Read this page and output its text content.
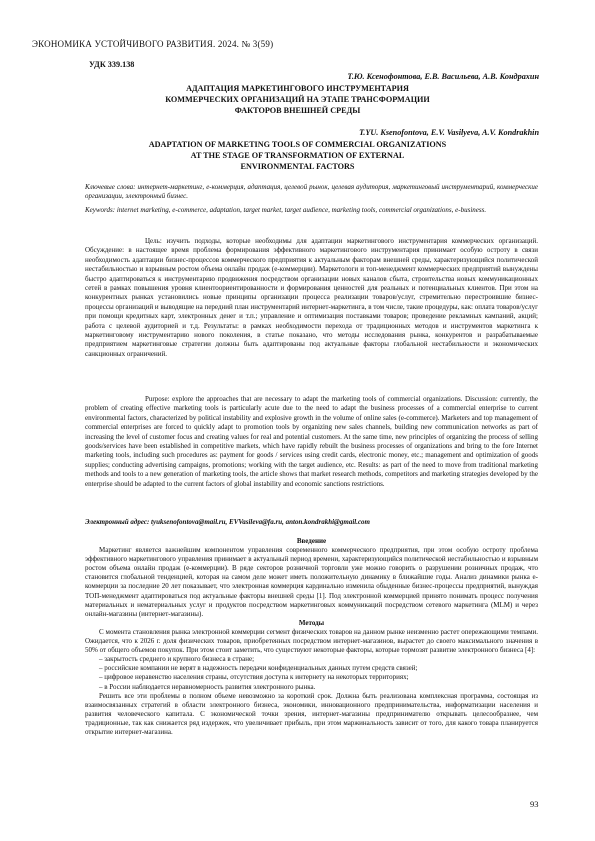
ЭКОНОМИКА УСТОЙЧИВОГО РАЗВИТИЯ. 2024. № 3(59)
УДК 339.138
Т.Ю. Ксенофонтова, Е.В. Васильева, А.В. Кондрахин
АДАПТАЦИЯ МАРКЕТИНГОВОГО ИНСТРУМЕНТАРИЯ
КОММЕРЧЕСКИХ ОРГАНИЗАЦИЙ НА ЭТАПЕ ТРАНСФОРМАЦИИ
ФАКТОРОВ ВНЕШНЕЙ СРЕДЫ
T.YU. Ksenofontova, E.V. Vasilyeva, A.V. Kondrakhin
ADAPTATION OF MARKETING TOOLS OF COMMERCIAL ORGANIZATIONS
AT THE STAGE OF TRANSFORMATION OF EXTERNAL
ENVIRONMENTAL FACTORS
Ключевые слова: интернет-маркетинг, е-коммерция, адаптация, целевой рынок, целевая аудитория, маркетинговый инструментарий, коммерческие организации, электронный бизнес.
Keywords: internet marketing, e-commerce, adaptation, target market, target audience, marketing tools, commercial organizations, e-business.

Цель: изучить подходы, которые необходимы для адаптации маркетингового инструментария коммерческих организаций. Обсуждение: в настоящее время проблема формирования эффективного маркетингового инструментария принимает особую остроту в связи необходимость адаптации бизнес-процессов коммерческого предприятия к актуальным факторам внешней среды, характеризующийся политической нестабильностью и взрывным ростом объема онлайн продаж (е-коммерции). Маркетологи и топ-менеджмент коммерческих предприятий вынуждены быстро адаптироваться к инструментарию продвижения посредством организации новых каналов сбыта, строительства новых коммуникационных сетей в рамках повышения уровня клиентоориентированности и формирования ценностей для реальных и потенциальных клиентов. При этом на конкурентных рынках установились новые принципы организации процесса реализации товаров/услуг, стремительно перестроившие бизнес-процессы организаций и выводящие на передний план инструментарий интернет-маркетинга, в том числе, такие процедуры, как: оплата товаров/услуг при помощи кредитных карт, электронных денег и т.п.; управление и оптимизация поставками товаров; проведение рекламных кампаний, акций; работа с целевой аудиторией и т.д. Результаты: в рамках необходимости перехода от традиционных методов и инструментов маркетинга к маркетинговому инструментарию нового поколения, в статье показано, что методы исследования рынка, конкурентов и разрабатываемые предприятием маркетинговые стратегии должны быть адаптированы под актуальные факторы глобальной нестабильности и экономических санкционных ограничений.

Purpose: explore the approaches that are necessary to adapt the marketing tools of commercial organizations. Discussion: currently, the problem of creating effective marketing tools is particularly acute due to the need to adapt the business processes of a commercial enterprise to current environmental factors, characterized by political instability and explosive growth in the volume of online sales (e-commerce). Marketers and top management of commercial enterprises are forced to quickly adapt to promotion tools by organizing new sales channels, building new communication networks as part of increasing the level of customer focus and creating values for real and potential customers. At the same time, new principles of organizing the process of selling goods/services have been established in competitive markets, which have rapidly rebuilt the business processes of organizations and bring to the fore Internet marketing tools, including such procedures as: payment for goods / services using credit cards, electronic money, etc.; management and optimization of goods supplies; conducting advertising campaigns, promotions; working with the target audience, etc. Results: as part of the need to move from traditional marketing methods and tools to a new generation of marketing tools, the article shows that market research methods, competitors and marketing strategies developed by the enterprise should be adapted to the current factors of global instability and economic sanctions restrictions.

Электронный адрес: tyuksenofontova@mail.ru, EVVasileva@fa.ru, anton.kondrakhi@gmail.com

Введение

Маркетинг является важнейшим компонентом управления современного коммерческого предприятия, при этом особую остроту проблема эффективного маркетингового управления принимает в актуальный период времени, характеризующийся политической нестабильностью и взрывным ростом объема онлайн продаж (е-коммерции). В ряде секторов розничной торговли уже можно говорить о разрушении розничных продаж, что становится глобальной тенденцией, которая на самом деле может иметь положительную динамику в ближайшие годы. Анализ динамики рынка е-коммерции за последние 20 лет показывает, что электронная коммерция кардинально изменила обыденные бизнес-процессы предприятий, вынуждая ТОП-менеджмент адаптироваться под актуальные факторы внешней среды [1]. Под электронной коммерцией принято понимать процесс получения материальных и нематериальных услуг и продуктов посредством маркетинговых коммуникаций посредством сетевого маркетинга (MLM) и через онлайн-магазины (интернет-магазины).

Методы

С момента становления рынка электронной коммерции сегмент физических товаров на данном рынке неизменно растет опережающими темпами. Ожидается, что к 2026 г. доля физических товаров, приобретенных посредством интернет-магазинов, вырастет до своего максимального значения в 50% от общего объемов покупок. При этом стоит заметить, что существуют некоторые факторы, которые тормозят развитие электронного бизнеса [4]:

– закрытость среднего и крупного бизнеса в стране;

– российские компании не верят в надежность передачи конфиденциальных данных путем средств связей;

– цифровое неравенство населения страны, отсутствия доступа к интернету на некоторых территориях;

– в России наблюдается неравномерность развития электронного рынка.

Решить все эти проблемы в полном объеме невозможно за короткий срок. Должна быть реализована комплексная программа, состоящая из взаимосвязанных стратегий в области электронного бизнеса, экономики, инновационного предпринимательства, информатизации населения и развития человеческого капитала. С экономической точки зрения, интернет-магазины предпринимателю открывать целесообразнее, чем традиционные, так как снижается ряд издержек, что увеличивает прибыль, при этом маржинальность зависит от того, для какого товара планируется открытие интернет-магазина.

93
